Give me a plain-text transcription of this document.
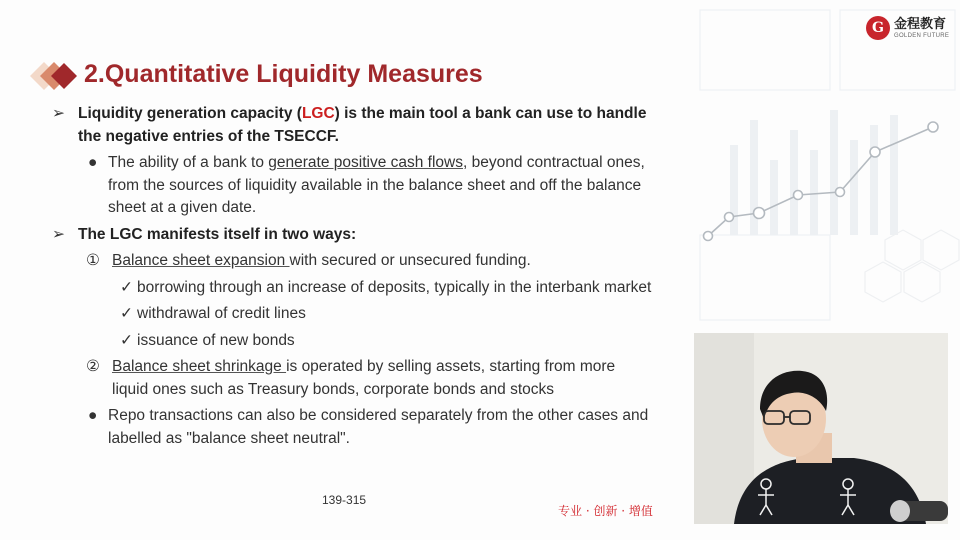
G 金程教育
GOLDEN FUTURE
2.Quantitative Liquidity Measures
➢ Liquidity generation capacity (LGC) is the main tool a bank can use to handle the negative entries of the TSECCF.
● The ability of a bank to generate positive cash flows, beyond contractual ones, from the sources of liquidity available in the balance sheet and off the balance sheet at a given date.
➢ The LGC manifests itself in two ways:
① Balance sheet expansion with secured or unsecured funding.
✓ borrowing through an increase of deposits, typically in the interbank market
✓ withdrawal of credit lines
✓ issuance of new bonds
② Balance sheet shrinkage is operated by selling assets, starting from more liquid ones such as Treasury bonds, corporate bonds and stocks
● Repo transactions can also be considered separately from the other cases and labelled as "balance sheet neutral".
139-315
专业 · 创新 · 增值
